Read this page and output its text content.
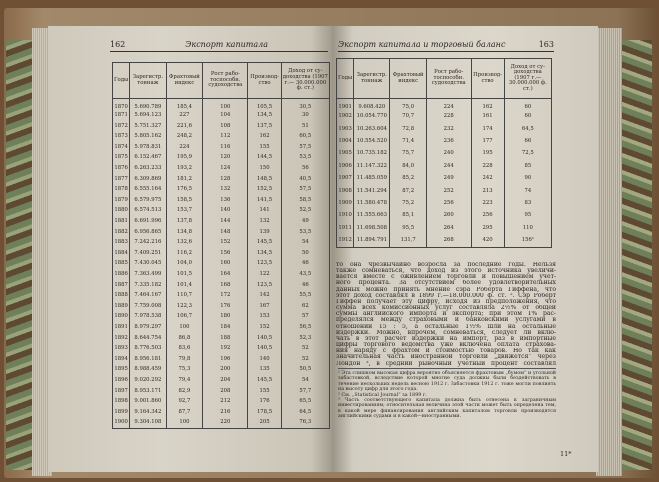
162	Экспорт капитала
Годы	Зарегистр. тоннаж	Фрахтовый индекс	Рост работоспособн. судоходства	Производство	Доход от судоходства (1907 г.— 30.000.000 ф. ст.)
1870	5.690.789	185,4	100	105,5	30,5
1871	5.694.123	227	104	134,5	30
1872	5.751.327	221,6	108	137,5	51
1873	5.805.162	248,2	112	162	60,5
1874	5.978.831	224	116	155	57,5
1875	6.152.467	195,9	120	144,5	53,5
1876	6.263.233	193,2	124	150	56
1877	6.309.869	181,2	128	148,5	40,5
1878	6.555.164	176,5	132	152,5	57,5
1879	6.579.975	158,5	136	141,5	58,5
1880	6.574.513	153,7	140	141	52,5
1881	6.691.996	137,8	144	132	49
1882	6.956.865	134,8	148	139	53,5
1883	7.242.216	132,6	152	145,5	54
1884	7.409.251	116,2	156	134,5	50
1885	7.430.045	104,0	160	123,5	46
1886	7.363.499	101,5	164	122	43,5
1887	7.335.182	101,4	168	123,5	46
1888	7.464.167	110,7	172	142	55,5
1889	7.759.008	122,3	176	167	62
1890	7.978.538	106,7	180	153	57
1891	8.979.297	100	184	152	56,5
1892	8.644.754	86,8	188	140,5	52,3
1893	8.776.503	83,6	192	140,5	52
1894	8.956.181	79,8	196	140	52
1895	8.988.459	75,3	200	135	50,5
1896	9.020.292	79,4	204	145,5	54
1897	8.953.171	82,9	208	155	57,7
1898	9.001.860	92,7	212	176	65,5
1899	9.164.342	87,7	216	178,5	64,5
1900	9.304.108	100	220	205	76,3
Экспорт капитала и торговый баланс	163
Годы	Зарегистр. тоннаж	Фрахтовый индекс	Рост работоспособн. судоходства	Производство	Доход от судоходства (1907 г.— 30.000.000 ф. ст.)
1901	9.608.420	75,0	224	162	60
1902	10.054.770	70,7	228	161	60
1903	10.263.604	72,8	232	174	64,5
1904	10.554.520	71,4	236	177	66
1905	10.735.182	75,7	240	195	72,5
1906	11.147.322	84,0	244	228	85
1907	11.485.059	85,2	249	242	90
1908	11.541.294	87,2	252	213	74
1909	11.580.478	75,2	256	223	83
1910	11.555.663	85,1	260	256	95
1911	11.698.508	95,5	264	295	110
1912	11.894.791	131,7	268	420	156¹
то она чрезвычайно возросла за последние годы. Нельзя
также сомневаться, что доход из этого источника увеличи-
вается вместе с оживлением торговли и повышением учет-
ного процента. За отсутствием более удовлетворительных
данных можно принять мнение сэра Роберта Гиффена, что
этот доход составлял в 1899 г.—18.000.000 ф. ст. ². Сэр Роберт
Гиффен получает эту цифру, исходя из предположения, что
сумма всех комиссионных услуг составляла 2½% от общей
суммы английского импорта и экспорта; при этом 1% рас-
пределялся между страховыми и банковскими услугами в
отношении 15 : 5, а остальные 1½% шли на остальные
издержки. Можно, впрочем, сомневаться, следует ли вклю-
чать в этот расчет издержки на импорт, раз в импортные
цифры торгового ведомства уже включена оплата страхова-
ния наряду с фрахтом и стоимостью товаров. Но так как
значительная часть иностранной торговли „движется“ через
Лондон ³, в средний рыночный учетный процент составлял

¹ Эта слишком высокая цифра вероятно объясняется фрахтовым „бумом“ и угольной забастовкой, вследствие которой многие суда должны были бездействовать в течение нескольких недель весною 1912 г. Забастовки 1912 г. тоже могли повлиять на высоту цифр для этого года.

² См. „Statistical Journal“ за 1899 г.

³ Часть соответствующего капитала должна быть отнесена к заграничным инвестированиям; относительная величина этой части может быть определена тем, в какой мере финансирования английским капиталом торговли производятся английскими судами и в какой—иностранными.

11*
